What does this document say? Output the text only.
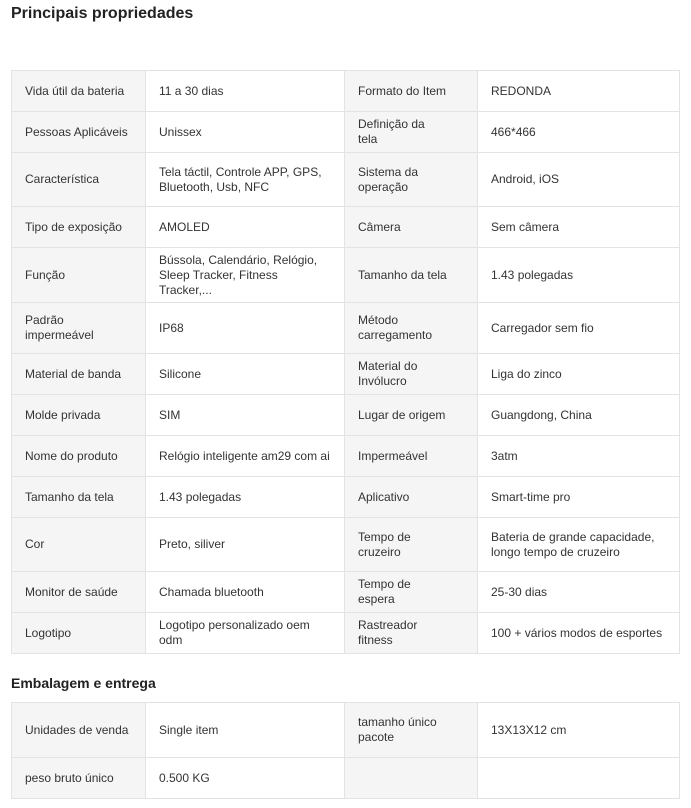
Principais propriedades
Vida útil da bateria	11 a 30 dias	Formato do Item	REDONDA
Pessoas Aplicáveis	Unissex	Definição da tela	466*466
Característica	Tela táctil, Controle APP, GPS, Bluetooth, Usb, NFC	Sistema da operação	Android, iOS
Tipo de exposição	AMOLED	Câmera	Sem câmera
Função	Bússola, Calendário, Relógio, Sleep Tracker, Fitness Tracker,...	Tamanho da tela	1.43 polegadas
Padrão impermeável	IP68	Método carregamento	Carregador sem fio
Material de banda	Silicone	Material do Invólucro	Liga do zinco
Molde privada	SIM	Lugar de origem	Guangdong, China
Nome do produto	Relógio inteligente am29 com ai	Impermeável	3atm
Tamanho da tela	1.43 polegadas	Aplicativo	Smart-time pro
Cor	Preto, siliver	Tempo de cruzeiro	Bateria de grande capacidade, longo tempo de cruzeiro
Monitor de saúde	Chamada bluetooth	Tempo de espera	25-30 dias
Logotipo	Logotipo personalizado oem odm	Rastreador fitness	100 + vários modos de esportes
Embalagem e entrega
Unidades de venda	Single item	tamanho único pacote	13X13X12 cm
peso bruto único	0.500 KG		
